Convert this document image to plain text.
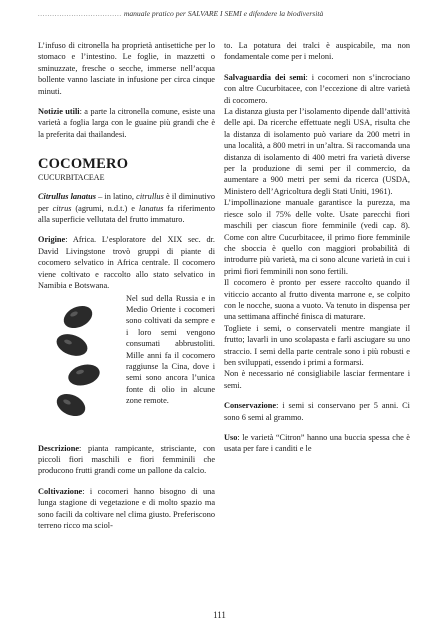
................................... manuale pratico per SALVARE I SEMI e difendere la biodiversità

L’infuso di citronella ha proprietà antisettiche per lo stomaco e l’intestino. Le foglie, in mazzetti o sminuzzate, fresche o secche, immerse nell’acqua bollente vanno lasciate in infusione per circa cinque minuti.

Notizie utili: a parte la citronella comune, esiste una varietà a foglia larga con le guaine più grandi che è la preferita dai thailandesi.

COCOMERO

CUCURBITACEAE

Citrullus lanatus – in latino, citrullus è il diminutivo per citrus (agrumi, n.d.t.) e lanatus fa riferimento alla superficie vellutata del frutto immaturo.

Origine: Africa. L’esploratore del XIX sec. dr. David Livingstone trovò gruppi di piante di cocomero selvatico in Africa centrale. Il cocomero viene coltivato e raccolto allo stato selvatico in Namibia e Botswana.

Nel sud della Russia e in Medio Oriente i cocomeri sono coltivati da sempre e i loro semi vengono consumati abbrustoliti. Mille anni fa il cocomero raggiunse la Cina, dove i semi sono ancora l’unica fonte di olio in alcune zone remote.

Descrizione: pianta rampicante, strisciante, con piccoli fiori maschili e fiori femminili che producono frutti grandi come un pallone da calcio.

Coltivazione: i cocomeri hanno bisogno di una lunga stagione di vegetazione e di molto spazio ma sono facili da coltivare nel clima giusto. Preferiscono terreno ricco ma sciol-

to. La potatura dei tralci è auspicabile, ma non fondamentale come per i meloni.

Salvaguardia dei semi: i cocomeri non s’incrociano con altre Cucurbitacee, con l’eccezione di altre varietà di cocomero.

La distanza giusta per l’isolamento dipende dall’attività delle api. Da ricerche effettuate negli USA, risulta che la distanza di isolamento può variare da 200 metri in una località, a 800 metri in un’altra. Si raccomanda una distanza di isolamento di 400 metri fra varietà diverse per la produzione di semi per il commercio, da aumentare a 900 metri per semi da ricerca (USDA, Ministero dell’Agricoltura degli Stati Uniti, 1961).

L’impollinazione manuale garantisce la purezza, ma riesce solo il 75% delle volte. Usate parecchi fiori maschili per ciascun fiore femminile (vedi cap. 8). Come con altre Cucurbitacee, il primo fiore femminile che sboccia è quello con maggiori probabilità di introdurre più varietà, ma ci sono alcune varietà in cui i primi fiori femminili non sono fertili.

Il cocomero è pronto per essere raccolto quando il viticcio accanto al frutto diventa marrone e, se colpito con le nocche, suona a vuoto. Va tenuto in dispensa per una settimana affinché finisca di maturare.

Togliete i semi, o conservateli mentre mangiate il frutto; lavarli in uno scolapasta e farli asciugare su uno straccio. I semi della parte centrale sono i più robusti e ben sviluppati, essendo i primi a formarsi.

Non è necessario né consigliabile lasciar fermentare i semi.

Conservazione: i semi si conservano per 5 anni. Ci sono 6 semi al grammo.

Uso: le varietà “Citron” hanno una buccia spessa che è usata per fare i canditi e le

111
